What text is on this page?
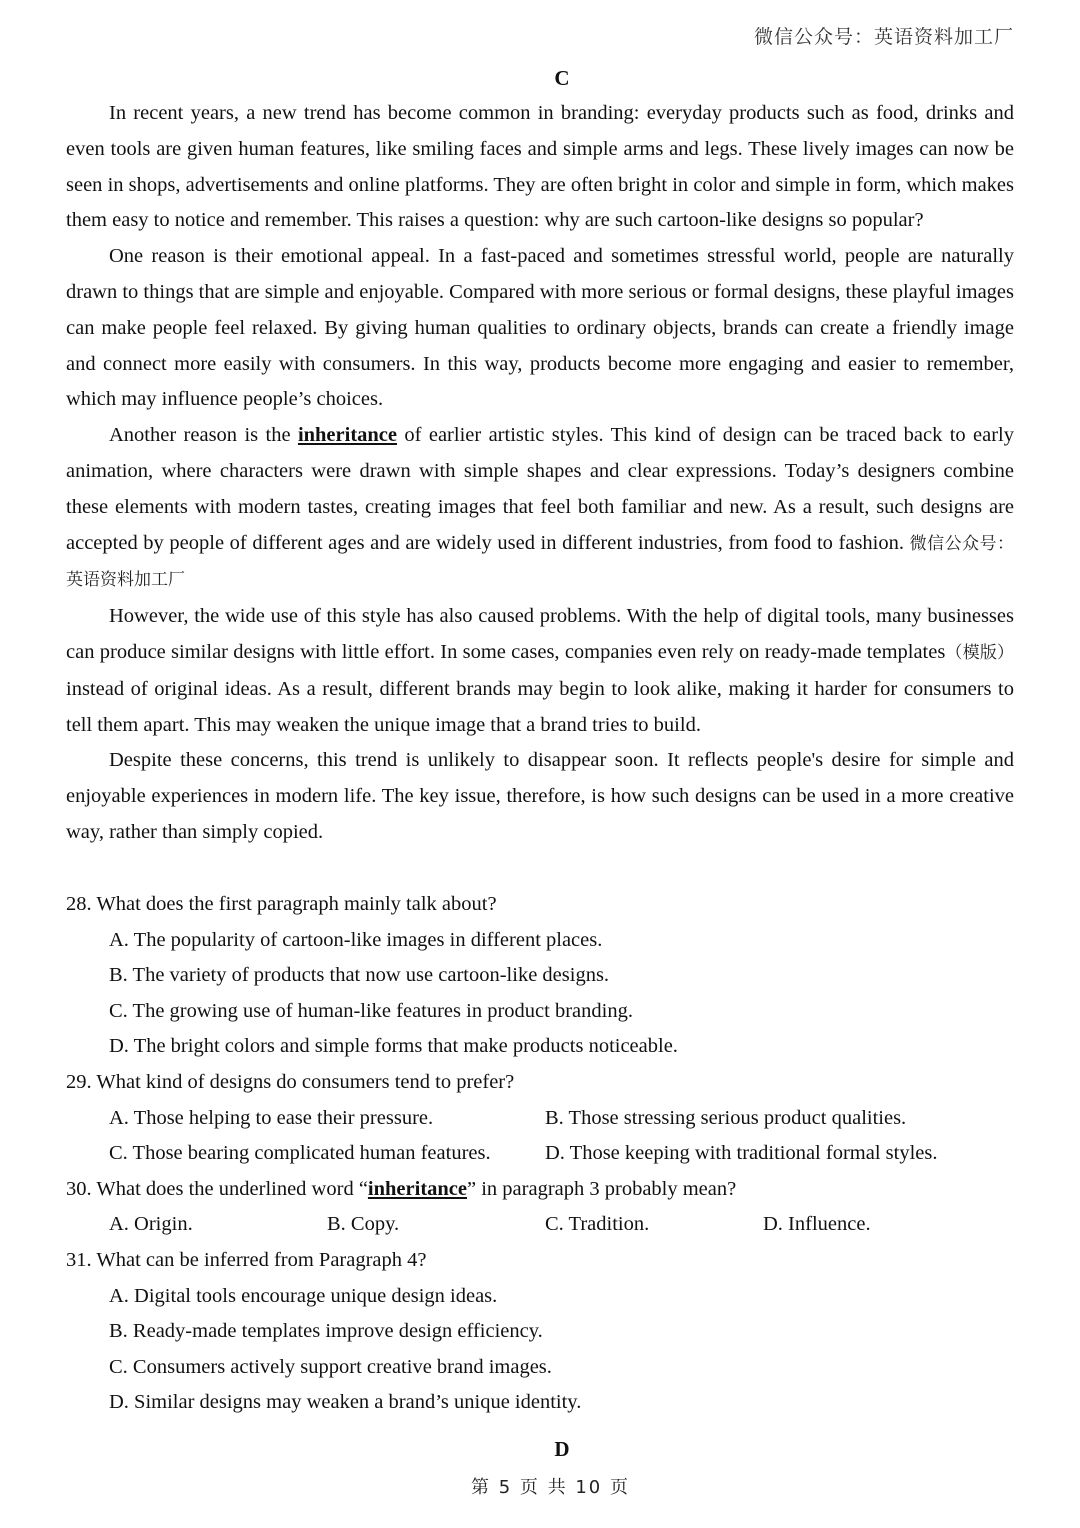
微信公众号：英语资料加工厂
C

In recent years, a new trend has become common in branding: everyday products such as food, drinks and even tools are given human features, like smiling faces and simple arms and legs. These lively images can now be seen in shops, advertisements and online platforms. They are often bright in color and simple in form, which makes them easy to notice and remember. This raises a question: why are such cartoon-like designs so popular?

One reason is their emotional appeal. In a fast-paced and sometimes stressful world, people are naturally drawn to things that are simple and enjoyable. Compared with more serious or formal designs, these playful images can make people feel relaxed. By giving human qualities to ordinary objects, brands can create a friendly image and connect more easily with consumers. In this way, products become more engaging and easier to remember, which may influence people’s choices.

Another reason is the inheritance of earlier artistic styles. This kind of design can be traced back to early animation, where characters were drawn with simple shapes and clear expressions. Today’s designers combine these elements with modern tastes, creating images that feel both familiar and new. As a result, such designs are accepted by people of different ages and are widely used in different industries, from food to fashion. 微信公众号：英语资料加工厂

However, the wide use of this style has also caused problems. With the help of digital tools, many businesses can produce similar designs with little effort. In some cases, companies even rely on ready-made templates（模版）instead of original ideas. As a result, different brands may begin to look alike, making it harder for consumers to tell them apart. This may weaken the unique image that a brand tries to build.

Despite these concerns, this trend is unlikely to disappear soon. It reflects people's desire for simple and enjoyable experiences in modern life. The key issue, therefore, is how such designs can be used in a more creative way, rather than simply copied.

28. What does the first paragraph mainly talk about?

A. The popularity of cartoon-like images in different places.

B. The variety of products that now use cartoon-like designs.

C. The growing use of human-like features in product branding.

D. The bright colors and simple forms that make products noticeable.

29. What kind of designs do consumers tend to prefer?

A. Those helping to ease their pressure.	B. Those stressing serious product qualities.
C. Those bearing complicated human features.	D. Those keeping with traditional formal styles.

30. What does the underlined word “inheritance” in paragraph 3 probably mean?

A. Origin.	B. Copy.	C. Tradition.	D. Influence.

31. What can be inferred from Paragraph 4?

A. Digital tools encourage unique design ideas.

B. Ready-made templates improve design efficiency.

C. Consumers actively support creative brand images.

D. Similar designs may weaken a brand’s unique identity.

D
第 5 页 共 10 页
